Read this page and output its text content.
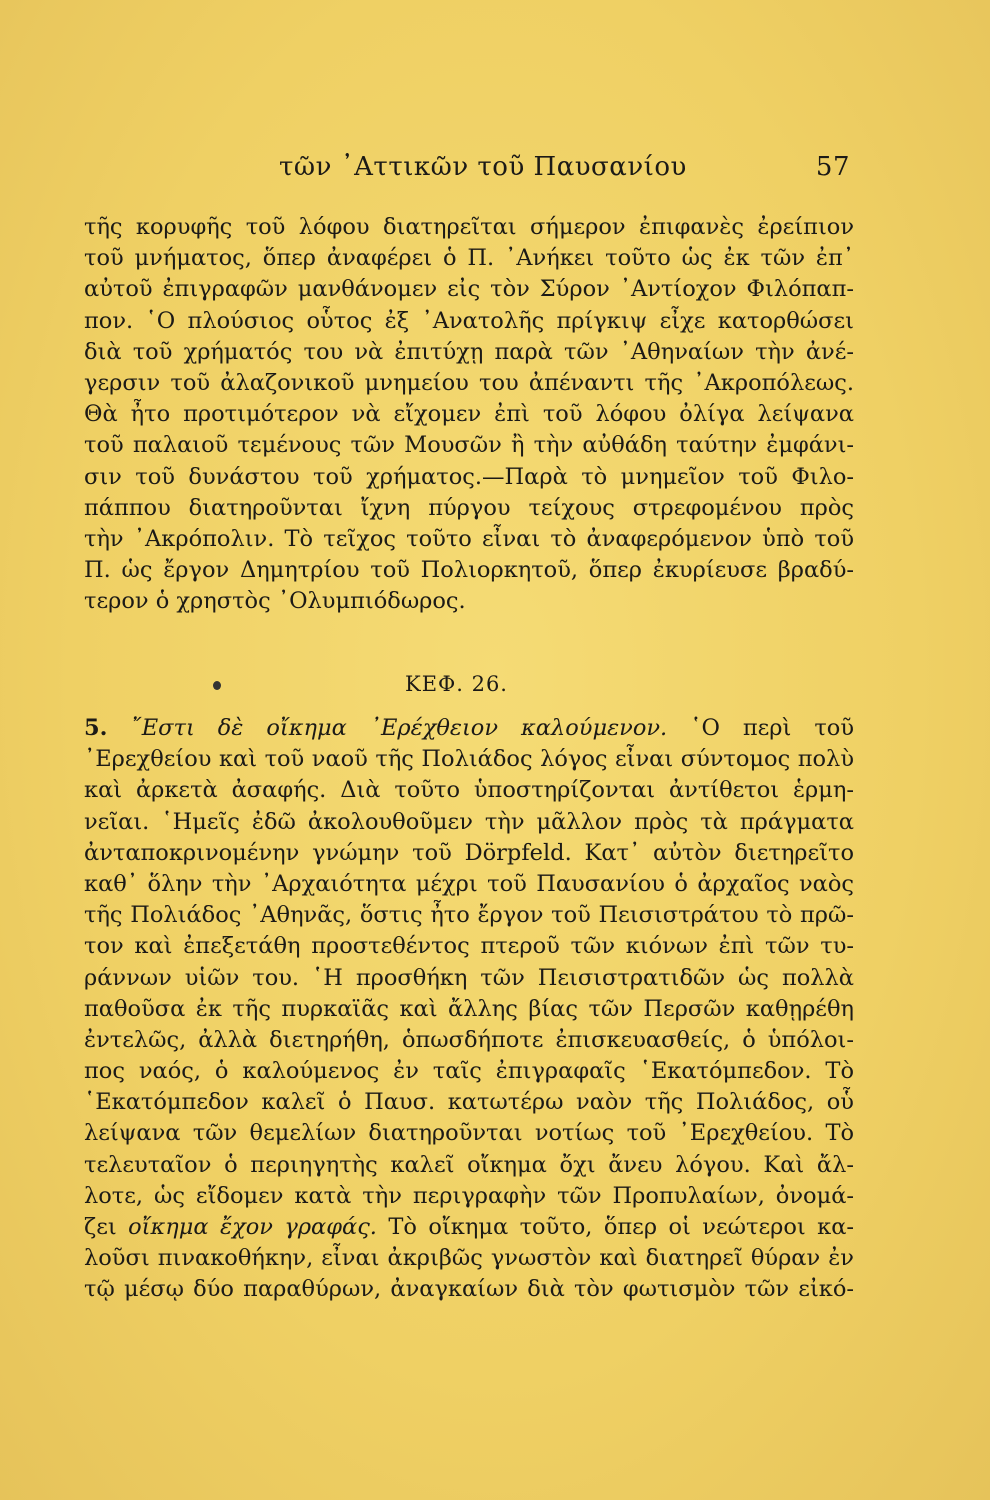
τῶν ᾿Αττικῶν τοῦ Παυσανίου	57
τῆς κορυφῆς τοῦ λόφου διατηρεῖται σήμερον ἐπιφανὲς ἐρείπιον
τοῦ μνήματος, ὅπερ ἀναφέρει ὁ Π. ᾿Ανήκει τοῦτο ὡς ἐκ τῶν ἐπ᾿
αὐτοῦ ἐπιγραφῶν μανθάνομεν εἰς τὸν Σύρον ᾿Αντίοχον Φιλόπαπ-
πον. ῾Ο πλούσιος οὗτος ἐξ ᾿Ανατολῆς πρίγκιψ εἶχε κατορθώσει
διὰ τοῦ χρήματός του νὰ ἐπιτύχῃ παρὰ τῶν ᾿Αθηναίων τὴν ἀνέ-
γερσιν τοῦ ἀλαζονικοῦ μνημείου του ἀπέναντι τῆς ᾿Ακροπόλεως.
Θὰ ἦτο προτιμότερον νὰ εἴχομεν ἐπὶ τοῦ λόφου ὀλίγα λείψανα
τοῦ παλαιοῦ τεμένους τῶν Μουσῶν ἢ τὴν αὐθάδη ταύτην ἐμφάνι-
σιν τοῦ δυνάστου τοῦ χρήματος.—Παρὰ τὸ μνημεῖον τοῦ Φιλο-
πάππου διατηροῦνται ἴχνη πύργου τείχους στρεφομένου πρὸς
τὴν ᾿Ακρόπολιν. Τὸ τεῖχος τοῦτο εἶναι τὸ ἀναφερόμενον ὑπὸ τοῦ
Π. ὡς ἔργον Δημητρίου τοῦ Πολιορκητοῦ, ὅπερ ἐκυρίευσε βραδύ-
τερον ὁ χρηστὸς ᾿Ολυμπιόδωρος.
ΚΕΦ. 26.
5. ῎Εστι δὲ οἴκημα ᾿Ερέχθειον καλούμενον. ῾Ο περὶ τοῦ
᾿Ερεχθείου καὶ τοῦ ναοῦ τῆς Πολιάδος λόγος εἶναι σύντομος πολὺ
καὶ ἀρκετὰ ἀσαφής. Διὰ τοῦτο ὑποστηρίζονται ἀντίθετοι ἑρμη-
νεῖαι. ῾Ημεῖς ἐδῶ ἀκολουθοῦμεν τὴν μᾶλλον πρὸς τὰ πράγματα
ἀνταποκρινομένην γνώμην τοῦ Dörpfeld. Κατ᾿ αὐτὸν διετηρεῖτο
καθ᾿ ὅλην τὴν ᾿Αρχαιότητα μέχρι τοῦ Παυσανίου ὁ ἀρχαῖος ναὸς
τῆς Πολιάδος ᾿Αθηνᾶς, ὅστις ἦτο ἔργον τοῦ Πεισιστράτου τὸ πρῶ-
τον καὶ ἐπεξετάθη προστεθέντος πτεροῦ τῶν κιόνων ἐπὶ τῶν τυ-
ράννων υἱῶν του. ῾Η προσθήκη τῶν Πεισιστρατιδῶν ὡς πολλὰ
παθοῦσα ἐκ τῆς πυρκαϊᾶς καὶ ἄλλης βίας τῶν Περσῶν καθῃρέθη
ἐντελῶς, ἀλλὰ διετηρήθη, ὁπωσδήποτε ἐπισκευασθείς, ὁ ὑπόλοι-
πος ναός, ὁ καλούμενος ἐν ταῖς ἐπιγραφαῖς ῾Εκατόμπεδον. Τὸ
῾Εκατόμπεδον καλεῖ ὁ Παυσ. κατωτέρω ναὸν τῆς Πολιάδος, οὗ
λείψανα τῶν θεμελίων διατηροῦνται νοτίως τοῦ ᾿Ερεχθείου. Τὸ
τελευταῖον ὁ περιηγητὴς καλεῖ οἴκημα ὄχι ἄνευ λόγου. Καὶ ἄλ-
λοτε, ὡς εἴδομεν κατὰ τὴν περιγραφὴν τῶν Προπυλαίων, ὀνομά-
ζει οἴκημα ἔχον γραφάς. Τὸ οἴκημα τοῦτο, ὅπερ οἱ νεώτεροι κα-
λοῦσι πινακοθήκην, εἶναι ἀκριβῶς γνωστὸν καὶ διατηρεῖ θύραν ἐν
τῷ μέσῳ δύο παραθύρων, ἀναγκαίων διὰ τὸν φωτισμὸν τῶν εἰκό-
